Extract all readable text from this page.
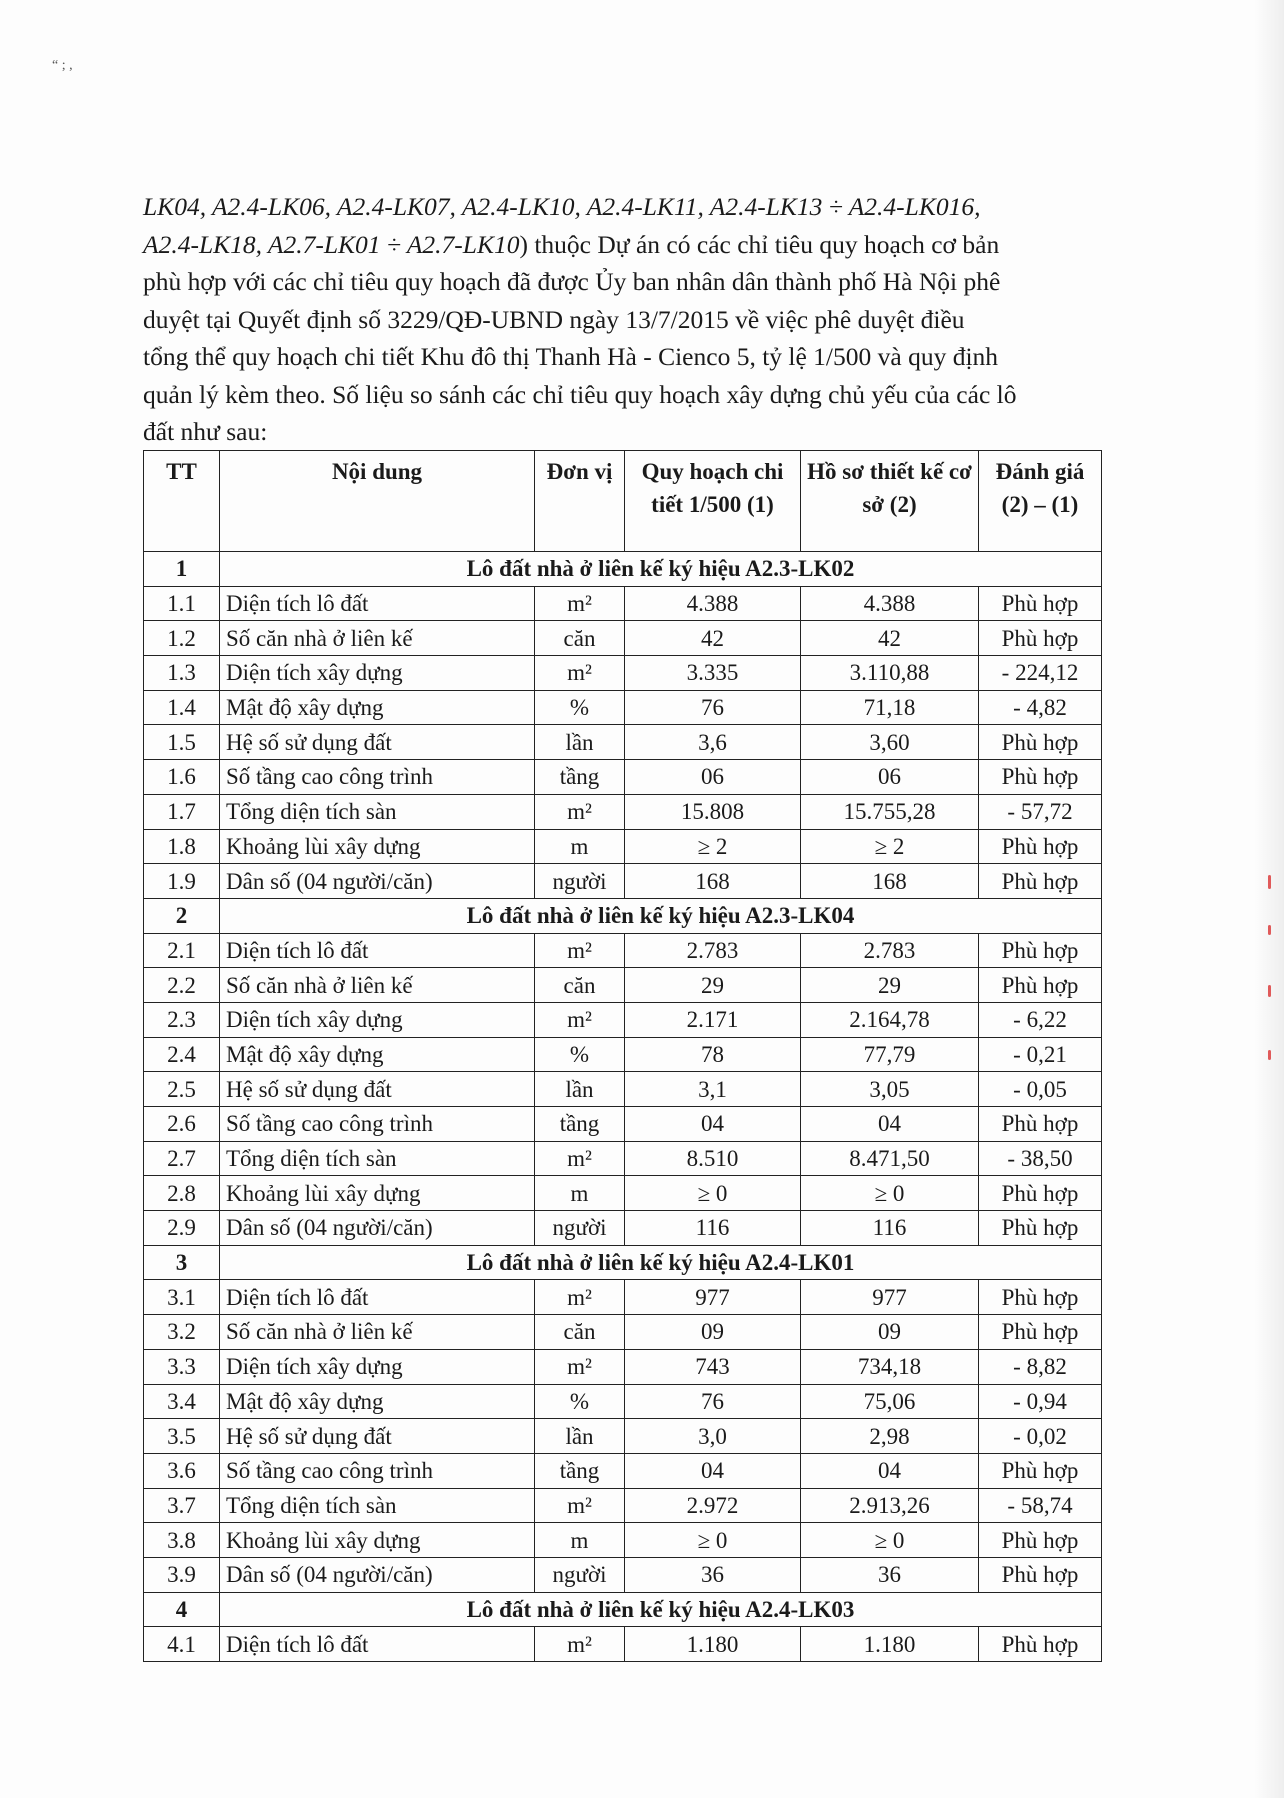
“ ; ,
LK04, A2.4-LK06, A2.4-LK07, A2.4-LK10, A2.4-LK11, A2.4-LK13 ÷ A2.4-LK016,
A2.4-LK18, A2.7-LK01 ÷ A2.7-LK10) thuộc Dự án có các chỉ tiêu quy hoạch cơ bản
phù hợp với các chỉ tiêu quy hoạch đã được Ủy ban nhân dân thành phố Hà Nội phê
duyệt tại Quyết định số 3229/QĐ-UBND ngày 13/7/2015 về việc phê duyệt điều
tổng thể quy hoạch chi tiết Khu đô thị Thanh Hà - Cienco 5, tỷ lệ 1/500 và quy định
quản lý kèm theo. Số liệu so sánh các chỉ tiêu quy hoạch xây dựng chủ yếu của các lô
đất như sau:
TT	Nội dung	Đơn vị	Quy hoạch chi tiết 1/500 (1)	Hồ sơ thiết kế cơ sở (2)	Đánh giá (2) – (1)
1	Lô đất nhà ở liên kế ký hiệu A2.3-LK02				
1.1	Diện tích lô đất	m²	4.388	4.388	Phù hợp
1.2	Số căn nhà ở liên kế	căn	42	42	Phù hợp
1.3	Diện tích xây dựng	m²	3.335	3.110,88	- 224,12
1.4	Mật độ xây dựng	%	76	71,18	- 4,82
1.5	Hệ số sử dụng đất	lần	3,6	3,60	Phù hợp
1.6	Số tầng cao công trình	tầng	06	06	Phù hợp
1.7	Tổng diện tích sàn	m²	15.808	15.755,28	- 57,72
1.8	Khoảng lùi xây dựng	m	≥ 2	≥ 2	Phù hợp
1.9	Dân số (04 người/căn)	người	168	168	Phù hợp
2	Lô đất nhà ở liên kế ký hiệu A2.3-LK04				
2.1	Diện tích lô đất	m²	2.783	2.783	Phù hợp
2.2	Số căn nhà ở liên kế	căn	29	29	Phù hợp
2.3	Diện tích xây dựng	m²	2.171	2.164,78	- 6,22
2.4	Mật độ xây dựng	%	78	77,79	- 0,21
2.5	Hệ số sử dụng đất	lần	3,1	3,05	- 0,05
2.6	Số tầng cao công trình	tầng	04	04	Phù hợp
2.7	Tổng diện tích sàn	m²	8.510	8.471,50	- 38,50
2.8	Khoảng lùi xây dựng	m	≥ 0	≥ 0	Phù hợp
2.9	Dân số (04 người/căn)	người	116	116	Phù hợp
3	Lô đất nhà ở liên kế ký hiệu A2.4-LK01				
3.1	Diện tích lô đất	m²	977	977	Phù hợp
3.2	Số căn nhà ở liên kế	căn	09	09	Phù hợp
3.3	Diện tích xây dựng	m²	743	734,18	- 8,82
3.4	Mật độ xây dựng	%	76	75,06	- 0,94
3.5	Hệ số sử dụng đất	lần	3,0	2,98	- 0,02
3.6	Số tầng cao công trình	tầng	04	04	Phù hợp
3.7	Tổng diện tích sàn	m²	2.972	2.913,26	- 58,74
3.8	Khoảng lùi xây dựng	m	≥ 0	≥ 0	Phù hợp
3.9	Dân số (04 người/căn)	người	36	36	Phù hợp
4	Lô đất nhà ở liên kế ký hiệu A2.4-LK03				
4.1	Diện tích lô đất	m²	1.180	1.180	Phù hợp
